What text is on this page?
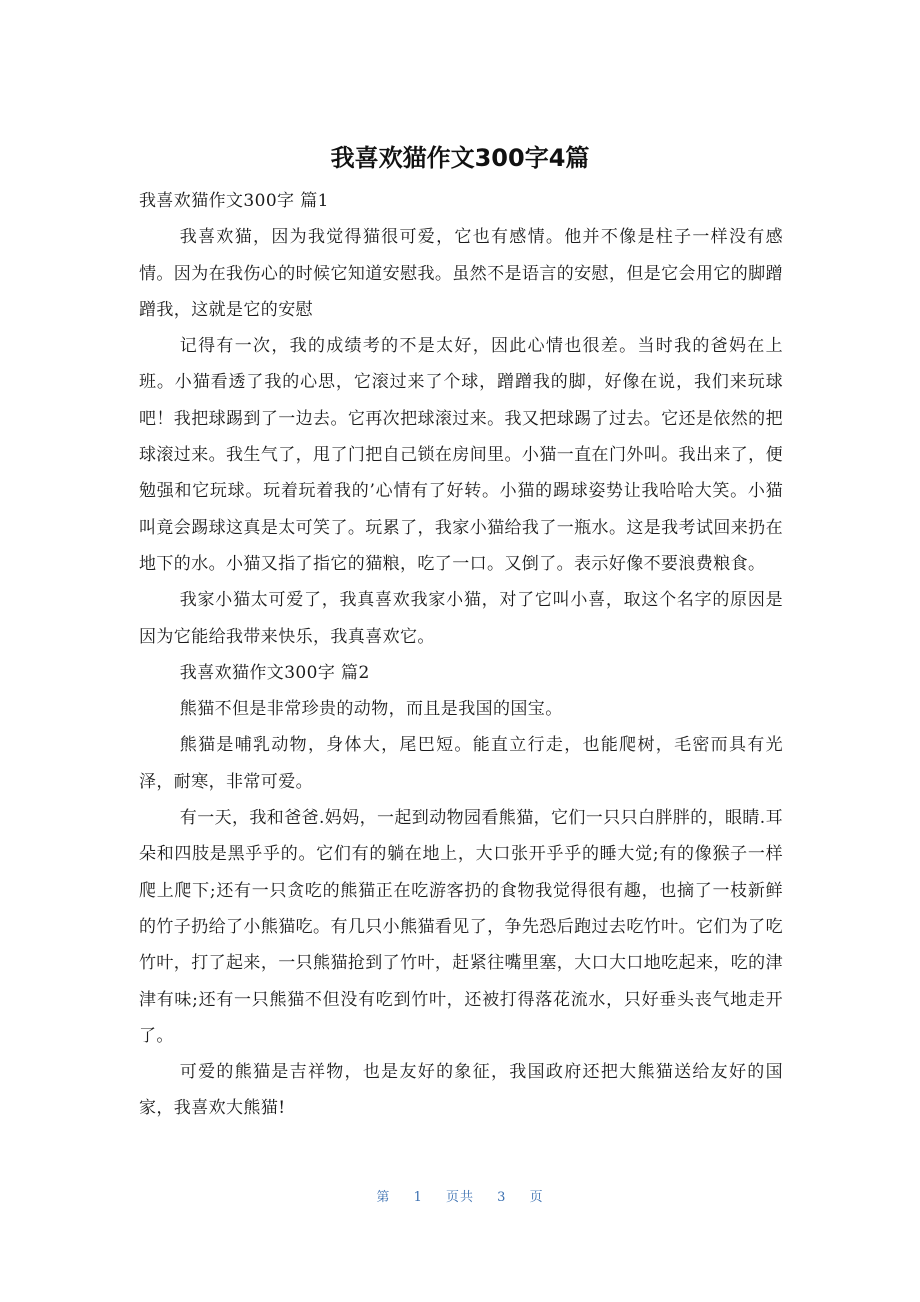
我喜欢猫作文300字4篇

我喜欢猫作文300字 篇1

我喜欢猫，因为我觉得猫很可爱，它也有感情。他并不像是柱子一样没有感情。因为在我伤心的时候它知道安慰我。虽然不是语言的安慰，但是它会用它的脚蹭蹭我，这就是它的安慰

记得有一次，我的成绩考的不是太好，因此心情也很差。当时我的爸妈在上班。小猫看透了我的心思，它滚过来了个球，蹭蹭我的脚，好像在说，我们来玩球吧！我把球踢到了一边去。它再次把球滚过来。我又把球踢了过去。它还是依然的把球滚过来。我生气了，甩了门把自己锁在房间里。小猫一直在门外叫。我出来了，便勉强和它玩球。玩着玩着我的’心情有了好转。小猫的踢球姿势让我哈哈大笑。小猫叫竟会踢球这真是太可笑了。玩累了，我家小猫给我了一瓶水。这是我考试回来扔在地下的水。小猫又指了指它的猫粮，吃了一口。又倒了。表示好像不要浪费粮食。

我家小猫太可爱了，我真喜欢我家小猫，对了它叫小喜，取这个名字的原因是因为它能给我带来快乐，我真喜欢它。

我喜欢猫作文300字 篇2

熊猫不但是非常珍贵的动物，而且是我国的国宝。

熊猫是哺乳动物，身体大，尾巴短。能直立行走，也能爬树，毛密而具有光泽，耐寒，非常可爱。

有一天，我和爸爸.妈妈，一起到动物园看熊猫，它们一只只白胖胖的，眼睛.耳朵和四肢是黑乎乎的。它们有的躺在地上，大口张开乎乎的睡大觉;有的像猴子一样爬上爬下;还有一只贪吃的熊猫正在吃游客扔的食物我觉得很有趣，也摘了一枝新鲜的竹子扔给了小熊猫吃。有几只小熊猫看见了，争先恐后跑过去吃竹叶。它们为了吃竹叶，打了起来，一只熊猫抢到了竹叶，赶紧往嘴里塞，大口大口地吃起来，吃的津津有味;还有一只熊猫不但没有吃到竹叶，还被打得落花流水，只好垂头丧气地走开了。

可爱的熊猫是吉祥物，也是友好的象征，我国政府还把大熊猫送给友好的国家，我喜欢大熊猫!

第 1 页共 3 页
